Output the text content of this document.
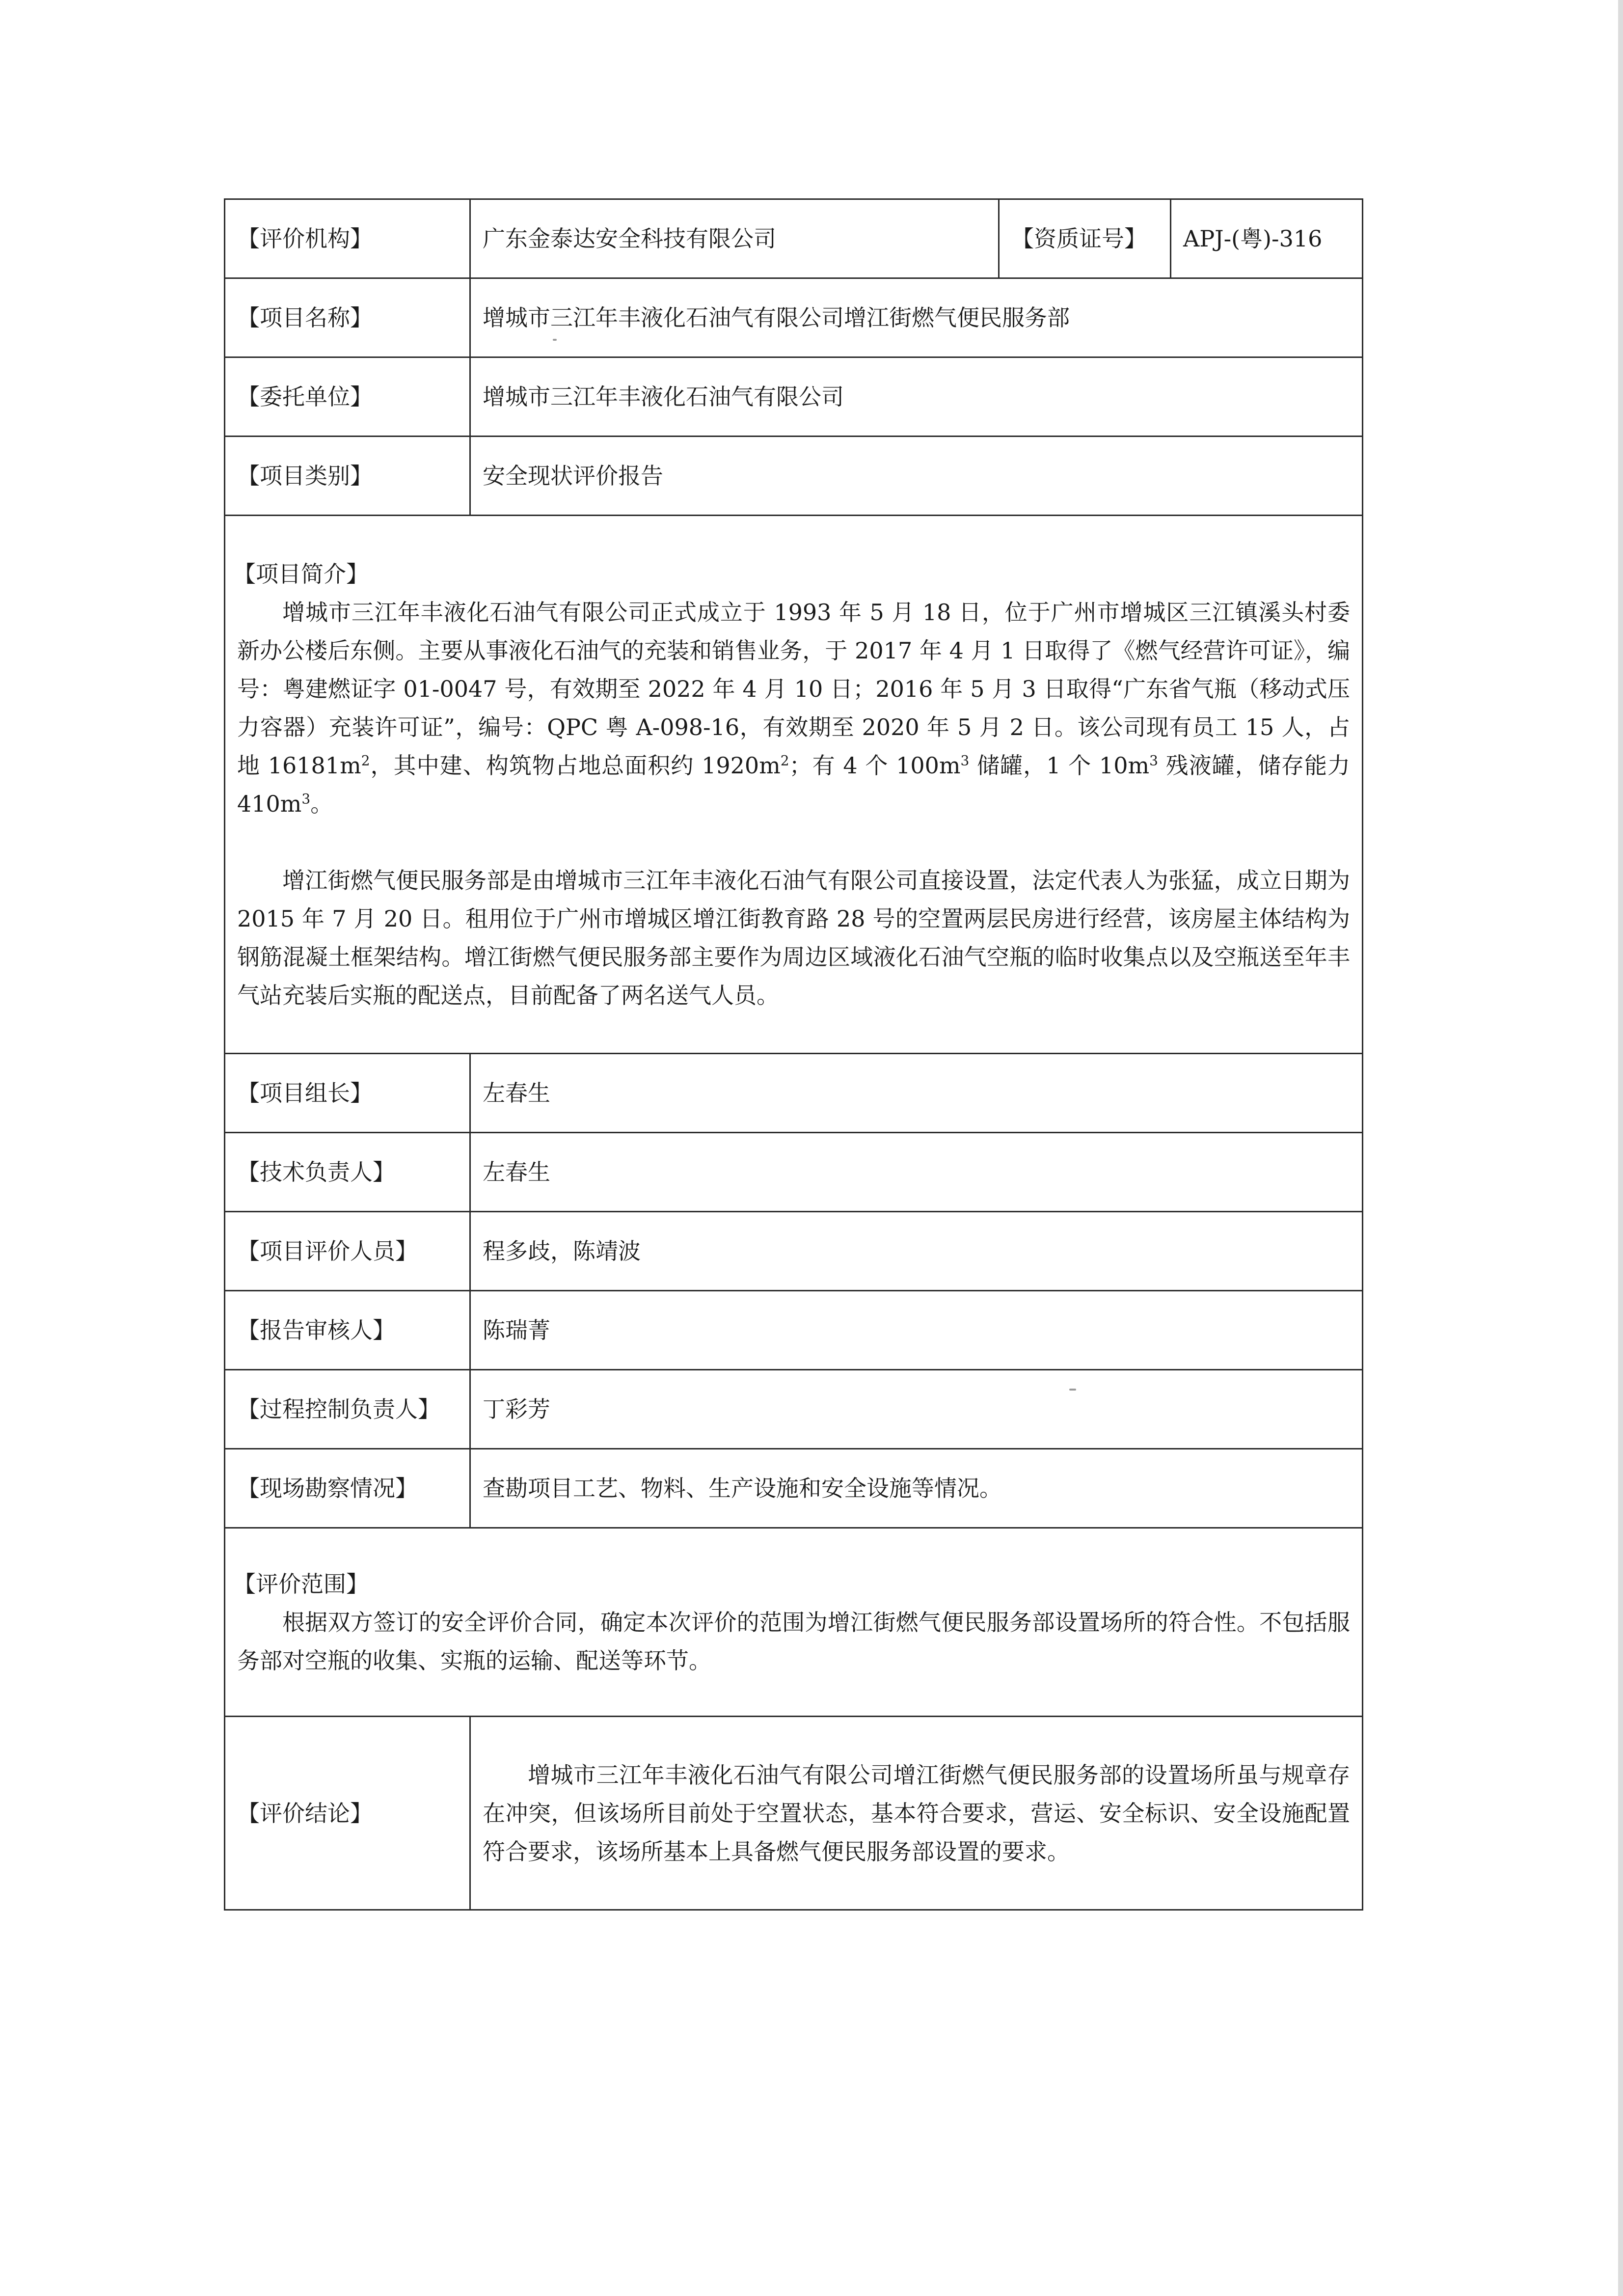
【评价机构】	广东金泰达安全科技有限公司	【资质证号】	APJ-(粤)-316
【项目名称】	增城市三江年丰液化石油气有限公司增江街燃气便民服务部		
【委托单位】	增城市三江年丰液化石油气有限公司		
【项目类别】	安全现状评价报告		

【项目简介】

增城市三江年丰液化石油气有限公司正式成立于 1993 年 5 月 18 日，位于广州市增城区三江镇溪头村委新办公楼后东侧。主要从事液化石油气的充装和销售业务，于 2017 年 4 月 1 日取得了《燃气经营许可证》，编号：粤建燃证字 01-0047 号，有效期至 2022 年 4 月 10 日；2016 年 5 月 3 日取得“广东省气瓶（移动式压力容器）充装许可证”，编号：QPC 粤 A-098-16，有效期至 2020 年 5 月 2 日。该公司现有员工 15 人，占地 $16181m^2$，其中建、构筑物占地总面积约 $1920m^2$；有 4 个 $100m^3$ 储罐，1 个 $10m^3$ 残液罐，储存能力 $410m^3$。

增江街燃气便民服务部是由增城市三江年丰液化石油气有限公司直接设置，法定代表人为张猛，成立日期为 2015 年 7 月 20 日。租用位于广州市增城区增江街教育路 28 号的空置两层民房进行经营，该房屋主体结构为钢筋混凝土框架结构。增江街燃气便民服务部主要作为周边区域液化石油气空瓶的临时收集点以及空瓶送至年丰气站充装后实瓶的配送点，目前配备了两名送气人员。			

【项目组长】	左春生		
【技术负责人】	左春生		
【项目评价人员】	程多歧，陈靖波		
【报告审核人】	陈瑞菁		
【过程控制负责人】	丁彩芳		
【现场勘察情况】	查勘项目工艺、物料、生产设施和安全设施等情况。		

【评价范围】

根据双方签订的安全评价合同，确定本次评价的范围为增江街燃气便民服务部设置场所的符合性。不包括服务部对空瓶的收集、实瓶的运输、配送等环节。			

【评价结论】	增城市三江年丰液化石油气有限公司增江街燃气便民服务部的设置场所虽与规章存在冲突，但该场所目前处于空置状态，基本符合要求，营运、安全标识、安全设施配置符合要求，该场所基本上具备燃气便民服务部设置的要求。		
